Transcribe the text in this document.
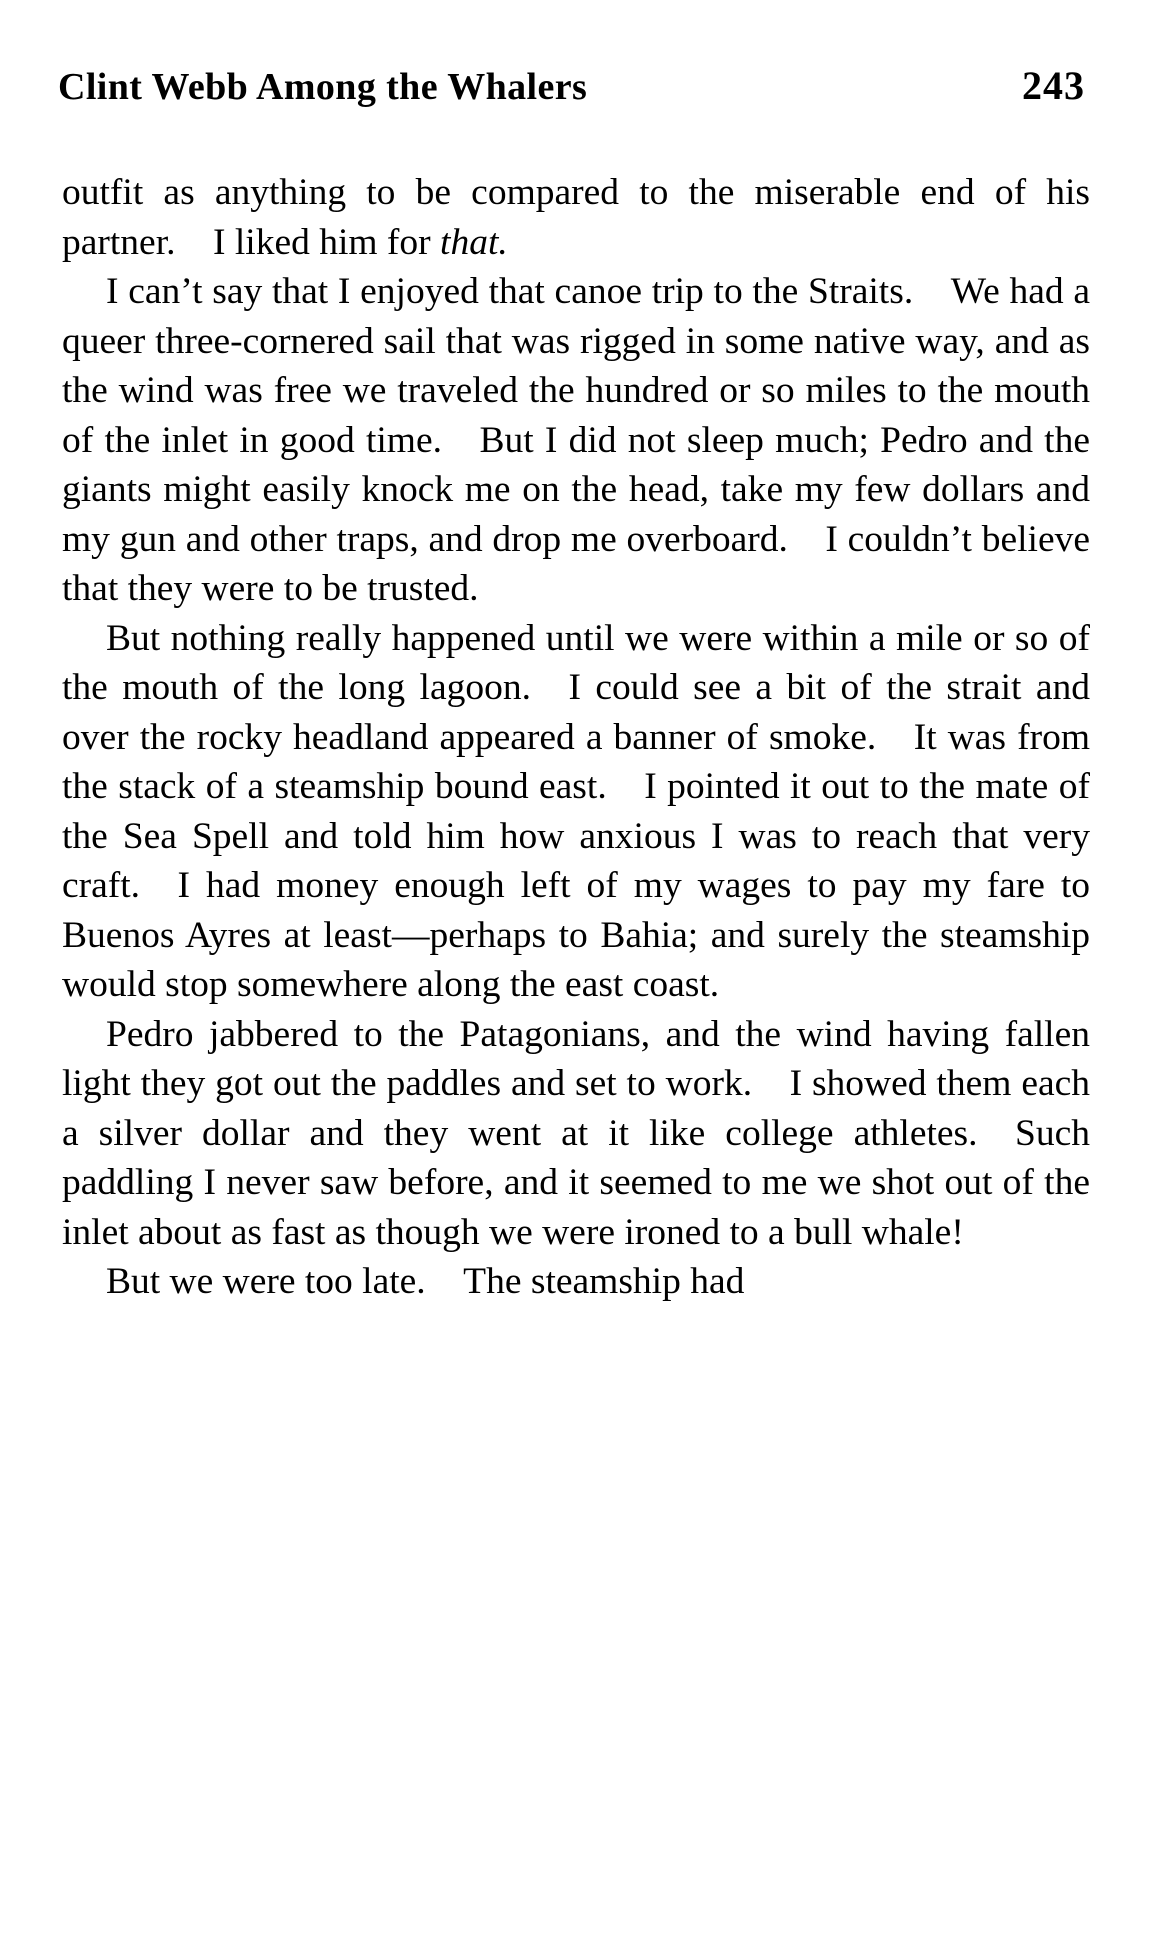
Clint Webb Among the Whalers	243

outfit as anything to be compared to the miserable end of his partner. I liked him for that.

I can’t say that I enjoyed that canoe trip to the Straits. We had a queer three-cornered sail that was rigged in some native way, and as the wind was free we traveled the hundred or so miles to the mouth of the inlet in good time. But I did not sleep much; Pedro and the giants might easily knock me on the head, take my few dollars and my gun and other traps, and drop me overboard. I couldn’t believe that they were to be trusted.

But nothing really happened until we were within a mile or so of the mouth of the long lagoon. I could see a bit of the strait and over the rocky headland appeared a banner of smoke. It was from the stack of a steamship bound east. I pointed it out to the mate of the Sea Spell and told him how anxious I was to reach that very craft. I had money enough left of my wages to pay my fare to Buenos Ayres at least—perhaps to Bahia; and surely the steamship would stop somewhere along the east coast.

Pedro jabbered to the Patagonians, and the wind having fallen light they got out the paddles and set to work. I showed them each a silver dollar and they went at it like college athletes. Such paddling I never saw before, and it seemed to me we shot out of the inlet about as fast as though we were ironed to a bull whale!

But we were too late. The steamship had
